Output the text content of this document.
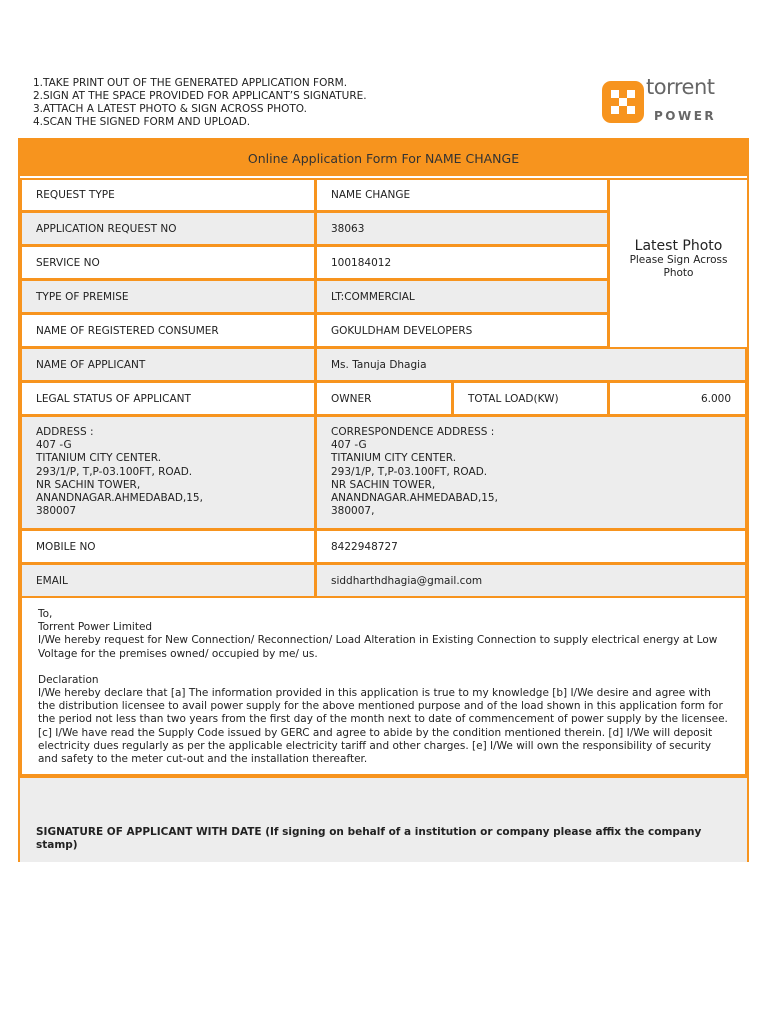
1.TAKE PRINT OUT OF THE GENERATED APPLICATION FORM.
2.SIGN AT THE SPACE PROVIDED FOR APPLICANT’S SIGNATURE.
3.ATTACH A LATEST PHOTO & SIGN ACROSS PHOTO.
4.SCAN THE SIGNED FORM AND UPLOAD.
torrent
POWER
Online Application Form For NAME CHANGE
REQUEST TYPE	NAME CHANGE
APPLICATION REQUEST NO	38063
SERVICE NO	100184012
TYPE OF PREMISE	LT:COMMERCIAL
NAME OF REGISTERED CONSUMER	GOKULDHAM DEVELOPERS
Latest Photo
Please Sign Across Photo
NAME OF APPLICANT	Ms. Tanuja Dhagia
LEGAL STATUS OF APPLICANT	OWNER	TOTAL LOAD(KW)	6.000
ADDRESS :
407 -G
TITANIUM CITY CENTER.
293/1/P, T,P-03.100FT, ROAD.
NR SACHIN TOWER,
ANANDNAGAR.AHMEDABAD,15,
380007
CORRESPONDENCE ADDRESS :
407 -G
TITANIUM CITY CENTER.
293/1/P, T,P-03.100FT, ROAD.
NR SACHIN TOWER,
ANANDNAGAR.AHMEDABAD,15,
380007,
MOBILE NO	8422948727
EMAIL	siddharthdhagia@gmail.com

To,

Torrent Power Limited

I/We hereby request for New Connection/ Reconnection/ Load Alteration in Existing Connection to supply electrical energy at Low Voltage for the premises owned/ occupied by me/ us.

Declaration

I/We hereby declare that [a] The information provided in this application is true to my knowledge [b] I/We desire and agree with the distribution licensee to avail power supply for the above mentioned purpose and of the load shown in this application form for the period not less than two years from the first day of the month next to date of commencement of power supply by the licensee. [c] I/We have read the Supply Code issued by GERC and agree to abide by the condition mentioned therein. [d] I/We will deposit electricity dues regularly as per the applicable electricity tariff and other charges. [e] I/We will own the responsibility of security and safety to the meter cut-out and the installation thereafter.

SIGNATURE OF APPLICANT WITH DATE (If signing on behalf of a institution or company please affix the company stamp)
